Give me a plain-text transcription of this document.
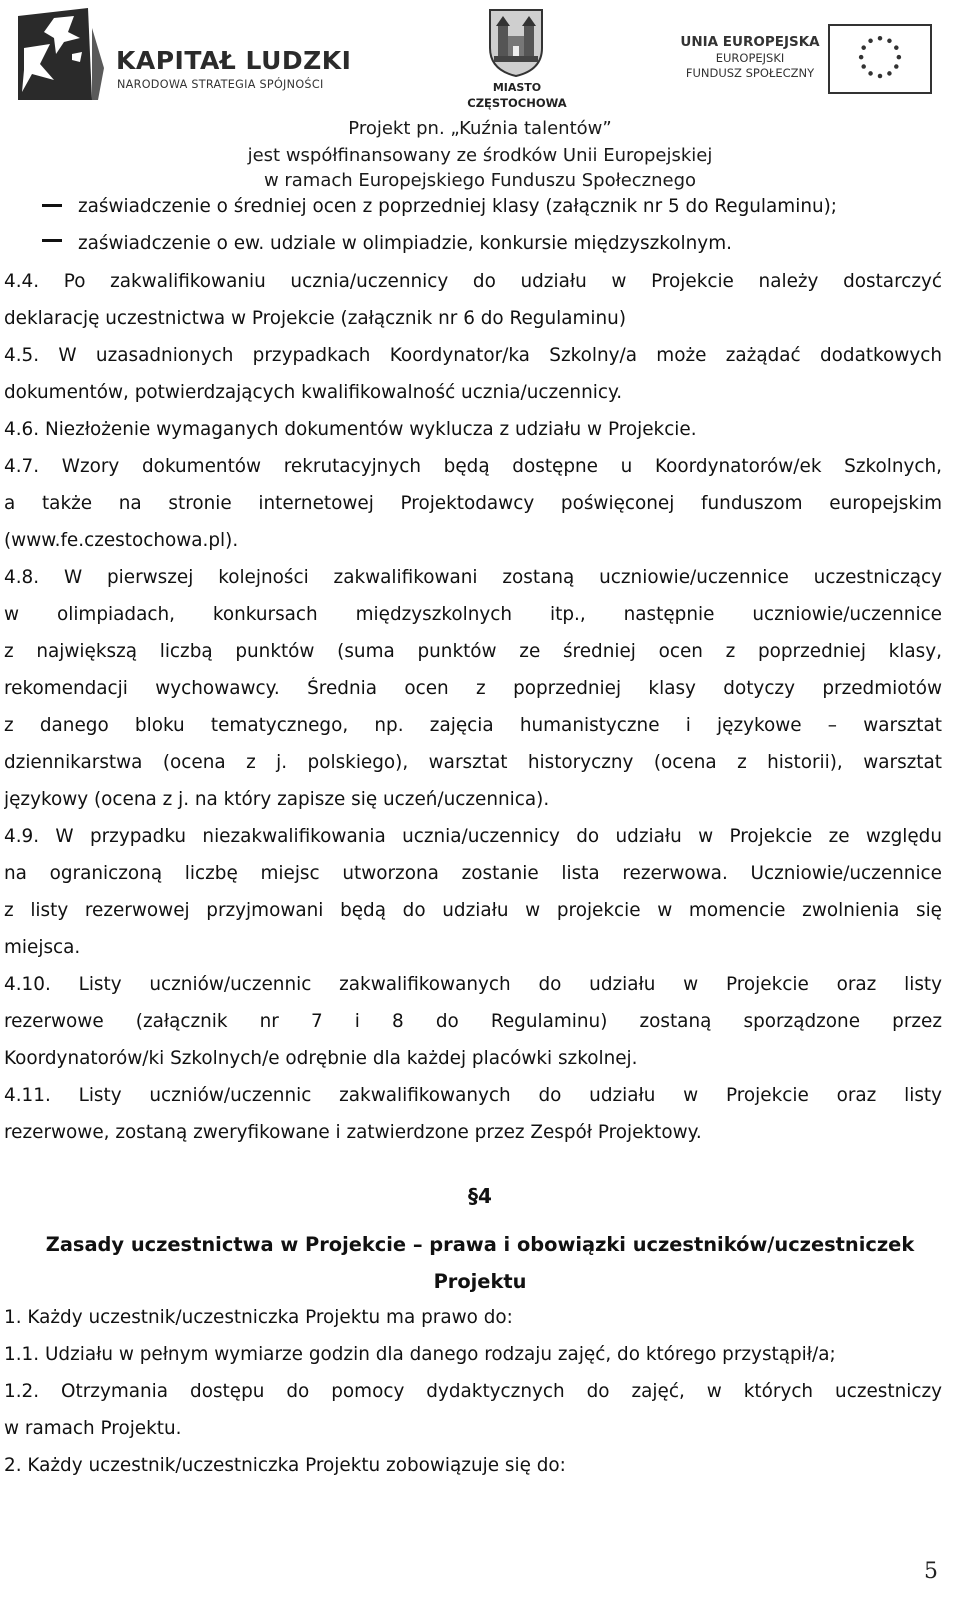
KAPITAŁ LUDZKI
NARODOWA STRATEGIA SPÓJNOŚCI	MIASTO
CZĘSTOCHOWA
UNIA EUROPEJSKA
EUROPEJSKI
FUNDUSZ SPOŁECZNY
Projekt pn. „Kuźnia talentów”
jest współfinansowany ze środków Unii Europejskiej
w ramach Europejskiego Funduszu Społecznego
zaświadczenie o średniej ocen z poprzedniej klasy (załącznik nr 5 do Regulaminu);
zaświadczenie o ew. udziale w olimpiadzie, konkursie międzyszkolnym.
4.4. Po zakwalifikowaniu ucznia/uczennicy do udziału w Projekcie należy dostarczyć
deklarację uczestnictwa w Projekcie (załącznik nr 6 do Regulaminu)
4.5. W uzasadnionych przypadkach Koordynator/ka Szkolny/a może zażądać dodatkowych
dokumentów, potwierdzających kwalifikowalność ucznia/uczennicy.
4.6. Niezłożenie wymaganych dokumentów wyklucza z udziału w Projekcie.
4.7. Wzory dokumentów rekrutacyjnych będą dostępne u Koordynatorów/ek Szkolnych,
a także na stronie internetowej Projektodawcy poświęconej funduszom europejskim
(www.fe.czestochowa.pl).
4.8. W pierwszej kolejności zakwalifikowani zostaną uczniowie/uczennice uczestniczący
w olimpiadach, konkursach międzyszkolnych itp., następnie uczniowie/uczennice
z największą liczbą punktów (suma punktów ze średniej ocen z poprzedniej klasy,
rekomendacji wychowawcy. Średnia ocen z poprzedniej klasy dotyczy przedmiotów
z danego bloku tematycznego, np. zajęcia humanistyczne i językowe – warsztat
dziennikarstwa (ocena z j. polskiego), warsztat historyczny (ocena z historii), warsztat
językowy (ocena z j. na który zapisze się uczeń/uczennica).
4.9. W przypadku niezakwalifikowania ucznia/uczennicy do udziału w Projekcie ze względu
na ograniczoną liczbę miejsc utworzona zostanie lista rezerwowa. Uczniowie/uczennice
z listy rezerwowej przyjmowani będą do udziału w projekcie w momencie zwolnienia się
miejsca.
4.10. Listy uczniów/uczennic zakwalifikowanych do udziału w Projekcie oraz listy
rezerwowe (załącznik nr 7 i 8 do Regulaminu) zostaną sporządzone przez
Koordynatorów/ki Szkolnych/e odrębnie dla każdej placówki szkolnej.
4.11. Listy uczniów/uczennic zakwalifikowanych do udziału w Projekcie oraz listy
rezerwowe, zostaną zweryfikowane i zatwierdzone przez Zespół Projektowy.
§4
Zasady uczestnictwa w Projekcie – prawa i obowiązki uczestników/uczestniczek
Projektu
1. Każdy uczestnik/uczestniczka Projektu ma prawo do:
1.1. Udziału w pełnym wymiarze godzin dla danego rodzaju zajęć, do którego przystąpił/a;
1.2. Otrzymania dostępu do pomocy dydaktycznych do zajęć, w których uczestniczy
w ramach Projektu.
2. Każdy uczestnik/uczestniczka Projektu zobowiązuje się do:
5
